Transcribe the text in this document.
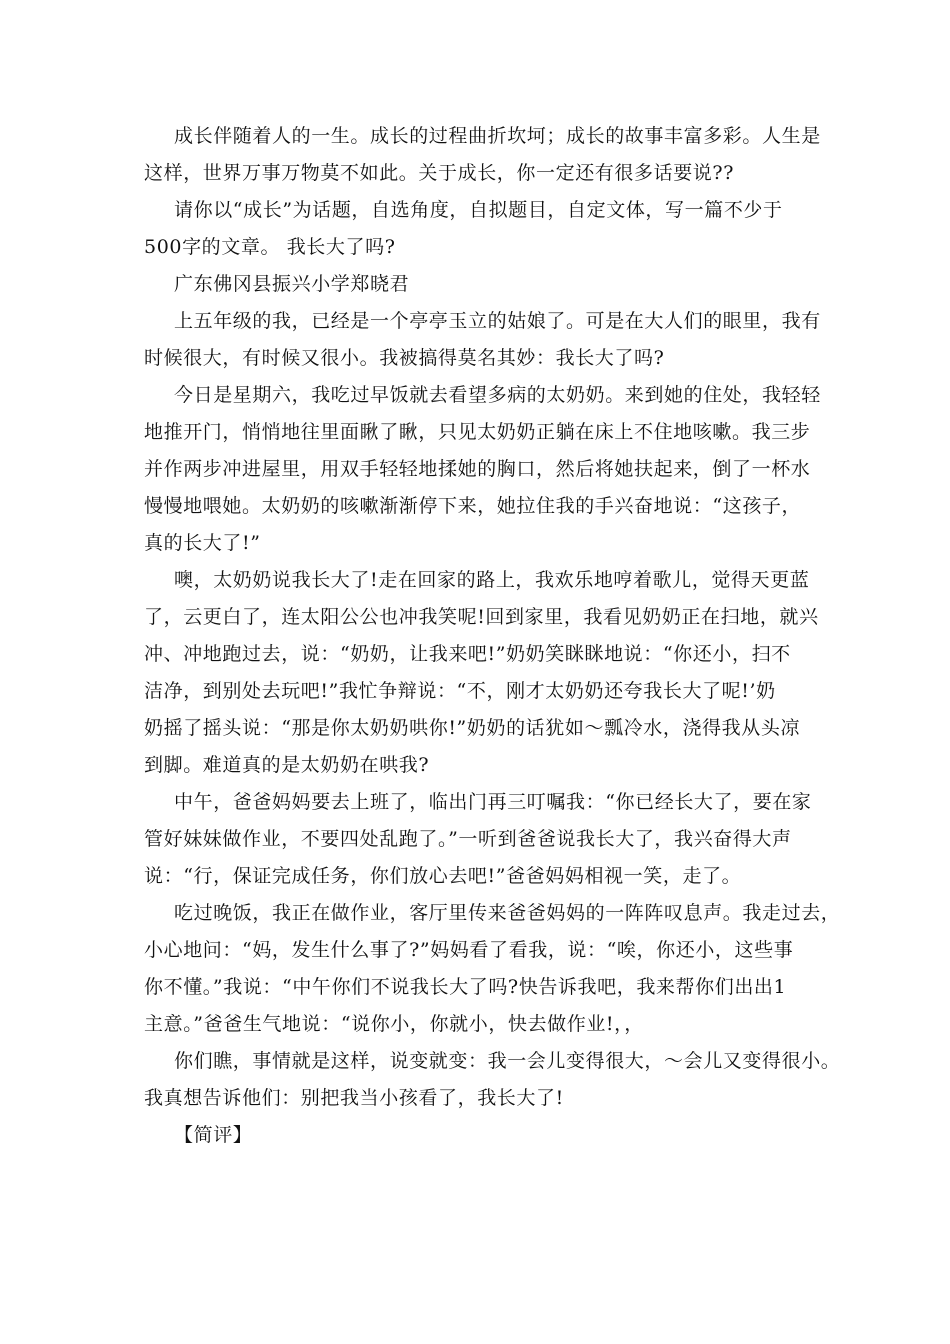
成长伴随着人的一生。成长的过程曲折坎坷；成长的故事丰富多彩。人生是
这样，世界万事万物莫不如此。关于成长，你一定还有很多话要说??
请你以“成长”为话题，自选角度，自拟题目，自定文体，写一篇不少于
500字的文章。 我长大了吗?
广东佛冈县振兴小学郑晓君
上五年级的我，已经是一个亭亭玉立的姑娘了。可是在大人们的眼里，我有
时候很大，有时候又很小。我被搞得莫名其妙：我长大了吗?
今日是星期六，我吃过早饭就去看望多病的太奶奶。来到她的住处，我轻轻
地推开门，悄悄地往里面瞅了瞅，只见太奶奶正躺在床上不住地咳嗽。我三步
并作两步冲进屋里，用双手轻轻地揉她的胸口，然后将她扶起来，倒了一杯水
慢慢地喂她。太奶奶的咳嗽渐渐停下来，她拉住我的手兴奋地说：“这孩子，
真的长大了!”
噢，太奶奶说我长大了!走在回家的路上，我欢乐地哼着歌儿，觉得天更蓝
了，云更白了，连太阳公公也冲我笑呢!回到家里，我看见奶奶正在扫地，就兴
冲、冲地跑过去，说：“奶奶，让我来吧!”奶奶笑眯眯地说：“你还小，扫不
洁净，到别处去玩吧!”我忙争辩说：“不，刚才太奶奶还夸我长大了呢!’奶
奶摇了摇头说：“那是你太奶奶哄你!”奶奶的话犹如～瓢冷水，浇得我从头凉
到脚。难道真的是太奶奶在哄我?
中午，爸爸妈妈要去上班了，临出门再三叮嘱我：“你已经长大了，要在家
管好妹妹做作业，不要四处乱跑了。”一听到爸爸说我长大了，我兴奋得大声
说：“行，保证完成任务，你们放心去吧!”爸爸妈妈相视一笑，走了。
吃过晚饭，我正在做作业，客厅里传来爸爸妈妈的一阵阵叹息声。我走过去，
小心地问：“妈，发生什么事了?”妈妈看了看我，说：“唉，你还小，这些事
你不懂。”我说：“中午你们不说我长大了吗?快告诉我吧，我来帮你们出出1
主意。”爸爸生气地说：“说你小，你就小，快去做作业!，，
你们瞧，事情就是这样，说变就变：我一会儿变得很大，～会儿又变得很小。
我真想告诉他们：别把我当小孩看了，我长大了!
【简评】
